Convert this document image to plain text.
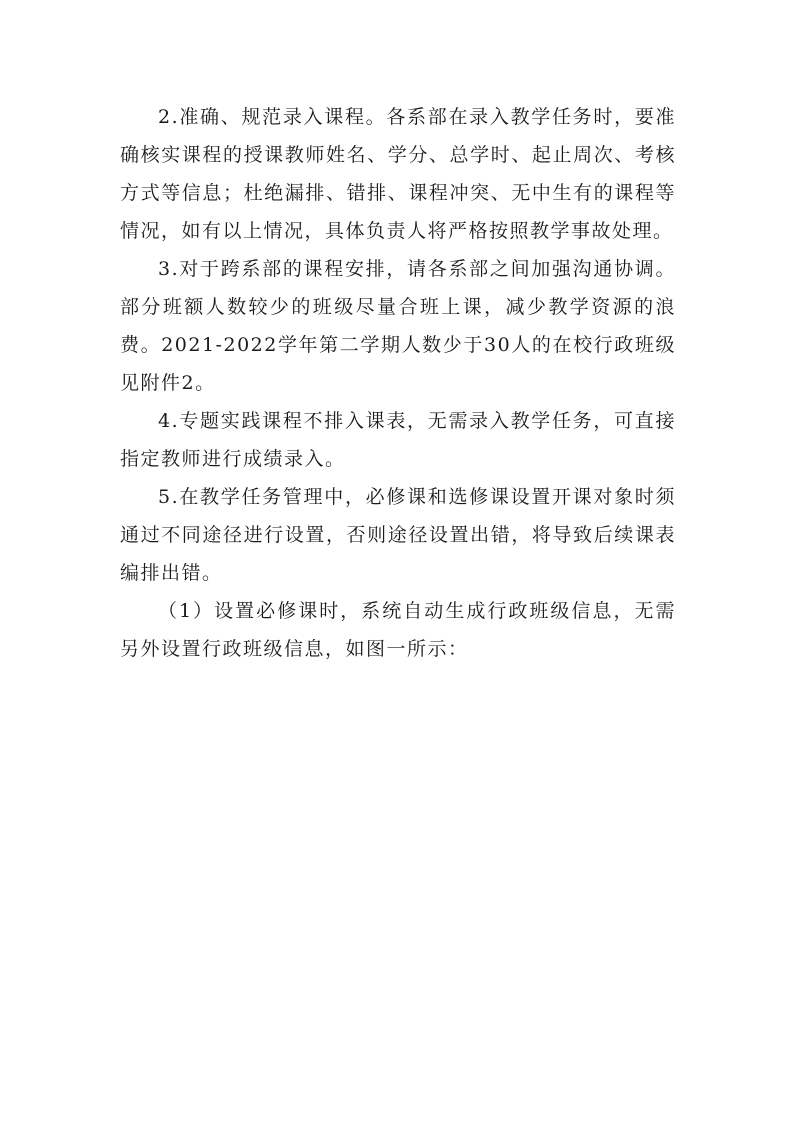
2.准确、规范录入课程。各系部在录入教学任务时，要准确核实课程的授课教师姓名、学分、总学时、起止周次、考核方式等信息；杜绝漏排、错排、课程冲突、无中生有的课程等情况，如有以上情况，具体负责人将严格按照教学事故处理。

3.对于跨系部的课程安排，请各系部之间加强沟通协调。部分班额人数较少的班级尽量合班上课，减少教学资源的浪费。2021-2022学年第二学期人数少于30人的在校行政班级见附件2。

4.专题实践课程不排入课表，无需录入教学任务，可直接指定教师进行成绩录入。

5.在教学任务管理中，必修课和选修课设置开课对象时须通过不同途径进行设置，否则途径设置出错，将导致后续课表编排出错。

（1）设置必修课时，系统自动生成行政班级信息，无需另外设置行政班级信息，如图一所示：
